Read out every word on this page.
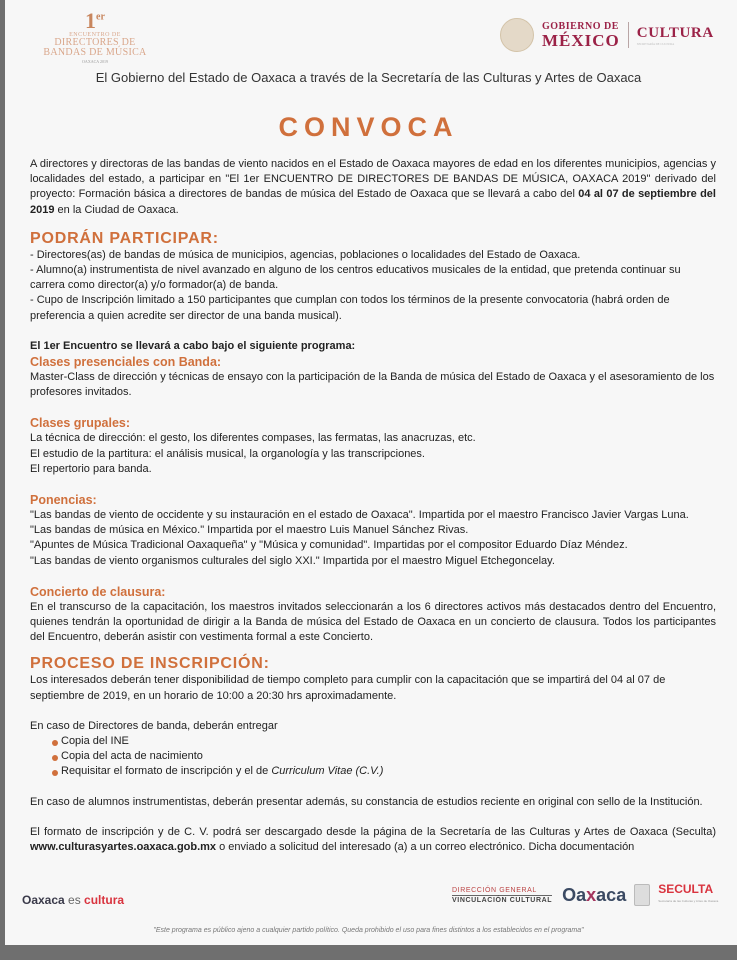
1er
ENCUENTRO DE
DIRECTORES DE
BANDAS DE MÚSICA
OAXACA 2019
GOBIERNO DE
MÉXICO CULTURA
SECRETARÍA DE CULTURA
El Gobierno del Estado de Oaxaca a través de la Secretaría de las Culturas y Artes de Oaxaca
CONVOCA

A directores y directoras de las bandas de viento nacidos en el Estado de Oaxaca mayores de edad en los diferentes municipios, agencias y localidades del estado, a participar en "El 1er ENCUENTRO DE DIRECTORES DE BANDAS DE MÚSICA, OAXACA 2019" derivado del proyecto: Formación básica a directores de bandas de música del Estado de Oaxaca que se llevará a cabo del 04 al 07 de septiembre del 2019 en la Ciudad de Oaxaca.

PODRÁN PARTICIPAR:

- Directores(as) de bandas de música de municipios, agencias, poblaciones o localidades del Estado de Oaxaca.

- Alumno(a) instrumentista de nivel avanzado en alguno de los centros educativos musicales de la entidad, que pretenda continuar su carrera como director(a) y/o formador(a) de banda.

- Cupo de Inscripción limitado a 150 participantes que cumplan con todos los términos de la presente convocatoria (habrá orden de preferencia a quien acredite ser director de una banda musical).

El 1er Encuentro se llevará a cabo bajo el siguiente programa:

Clases presenciales con Banda:

Master-Class de dirección y técnicas de ensayo con la participación de la Banda de música del Estado de Oaxaca y el asesoramiento de los profesores invitados.

Clases grupales:

La técnica de dirección: el gesto, los diferentes compases, las fermatas, las anacruzas, etc.

El estudio de la partitura: el análisis musical, la organología y las transcripciones.

El repertorio para banda.

Ponencias:

"Las bandas de viento de occidente y su instauración en el estado de Oaxaca". Impartida por el maestro Francisco Javier Vargas Luna.

"Las bandas de música en México." Impartida por el maestro Luis Manuel Sánchez Rivas.

"Apuntes de Música Tradicional Oaxaqueña" y "Música y comunidad". Impartidas por el compositor Eduardo Díaz Méndez.

"Las bandas de viento organismos culturales del siglo XXI." Impartida por el maestro Miguel Etchegoncelay.

Concierto de clausura:

En el transcurso de la capacitación, los maestros invitados seleccionarán a los 6 directores activos más destacados dentro del Encuentro, quienes tendrán la oportunidad de dirigir a la Banda de música del Estado de Oaxaca en un concierto de clausura. Todos los participantes del Encuentro, deberán asistir con vestimenta formal a este Concierto.

PROCESO DE INSCRIPCIÓN:

Los interesados deberán tener disponibilidad de tiempo completo para cumplir con la capacitación que se impartirá del 04 al 07 de septiembre de 2019, en un horario de 10:00 a 20:30 hrs aproximadamente.

En caso de Directores de banda, deberán entregar

Copia del INE
Copia del acta de nacimiento
Requisitar el formato de inscripción y el de Curriculum Vitae (C.V.)

En caso de alumnos instrumentistas, deberán presentar además, su constancia de estudios reciente en original con sello de la Institución.

El formato de inscripción y de C. V. podrá ser descargado desde la página de la Secretaría de las Culturas y Artes de Oaxaca (Seculta) www.culturasyartes.oaxaca.gob.mx o enviado a solicitud del interesado (a) a un correo electrónico. Dicha documentación

Oaxaca es cultura
DIRECCIÓN GENERAL
VINCULACIÓN CULTURAL Oaxaca	SECULTA
Secretaría de las Culturas y Artes de Oaxaca
"Este programa es público ajeno a cualquier partido político. Queda prohibido el uso para fines distintos a los establecidos en el programa"
